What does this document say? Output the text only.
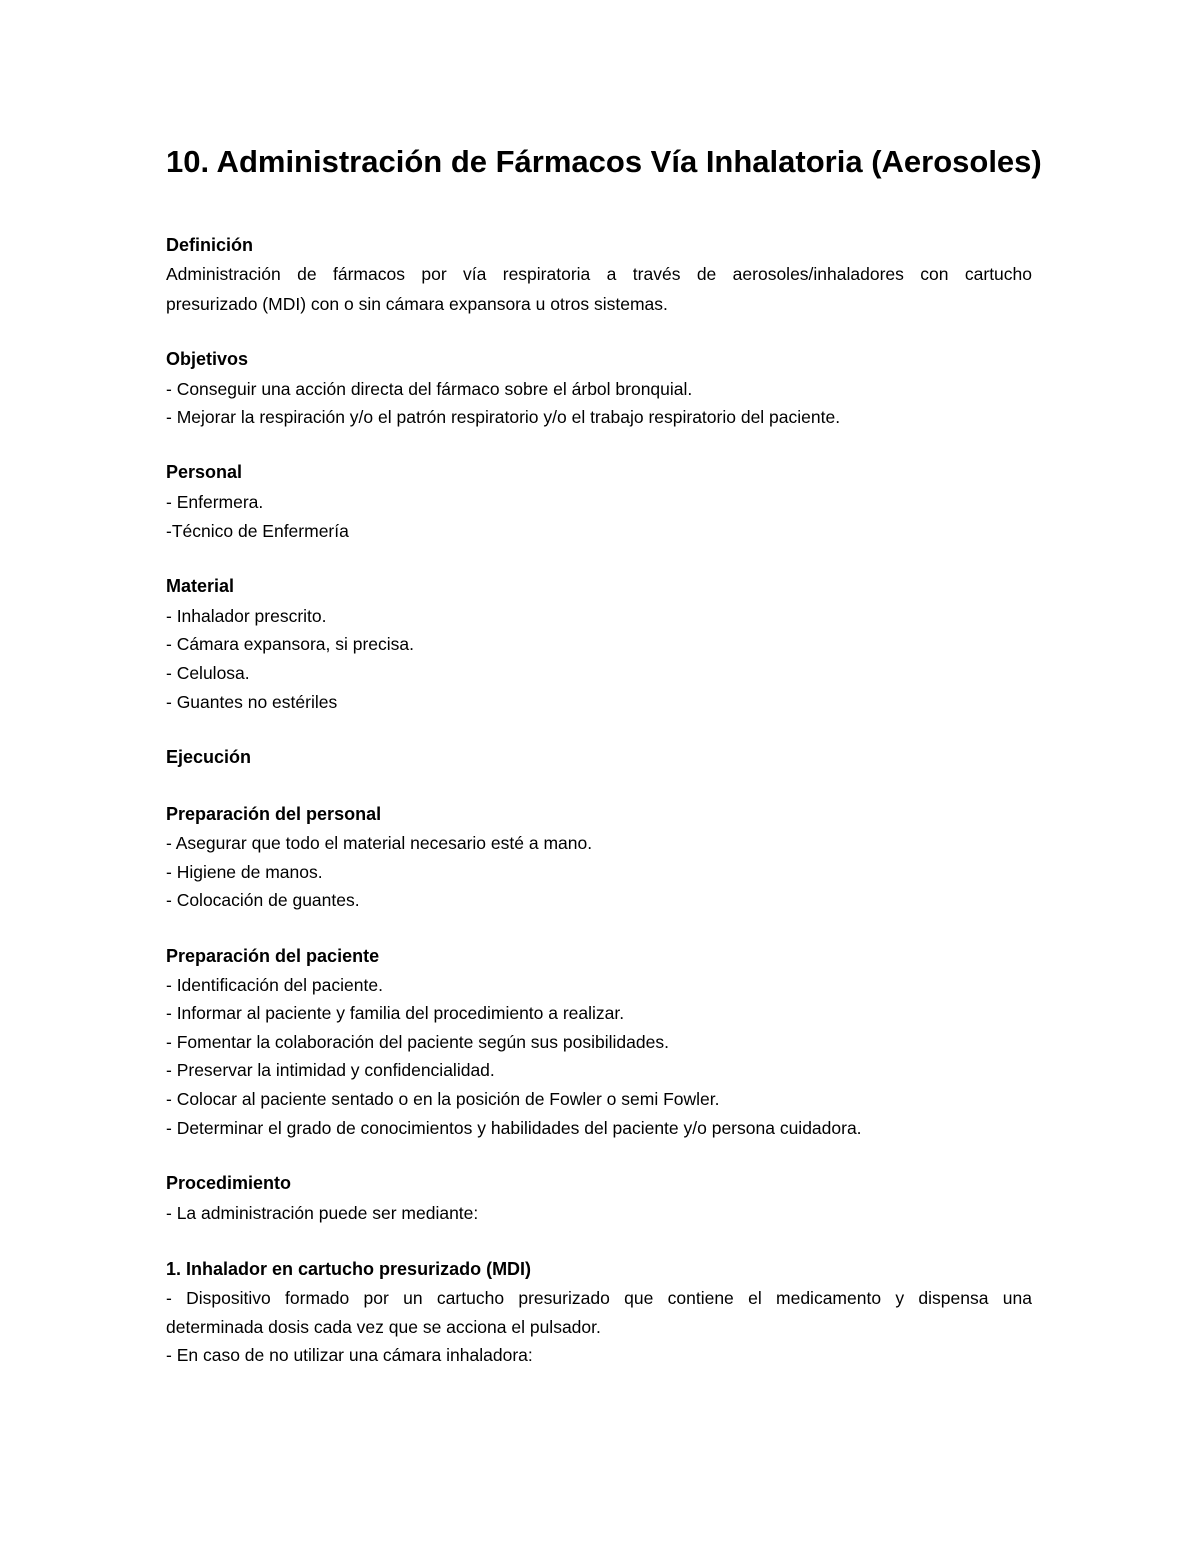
10. Administración de Fármacos Vía Inhalatoria (Aerosoles)
Definición
Administración de fármacos por vía respiratoria a través de aerosoles/inhaladores con cartucho
presurizado (MDI) con o sin cámara expansora u otros sistemas.
Objetivos
- Conseguir una acción directa del fármaco sobre el árbol bronquial.
- Mejorar la respiración y/o el patrón respiratorio y/o el trabajo respiratorio del paciente.
Personal
- Enfermera.
-Técnico de Enfermería
Material
- Inhalador prescrito.
- Cámara expansora, si precisa.
- Celulosa.
- Guantes no estériles
Ejecución
Preparación del personal
- Asegurar que todo el material necesario esté a mano.
- Higiene de manos.
- Colocación de guantes.
Preparación del paciente
- Identificación del paciente.
- Informar al paciente y familia del procedimiento a realizar.
- Fomentar la colaboración del paciente según sus posibilidades.
- Preservar la intimidad y confidencialidad.
- Colocar al paciente sentado o en la posición de Fowler o semi Fowler.
- Determinar el grado de conocimientos y habilidades del paciente y/o persona cuidadora.
Procedimiento
- La administración puede ser mediante:
1. Inhalador en cartucho presurizado (MDI)
- Dispositivo formado por un cartucho presurizado que contiene el medicamento y dispensa una
determinada dosis cada vez que se acciona el pulsador.
- En caso de no utilizar una cámara inhaladora:
